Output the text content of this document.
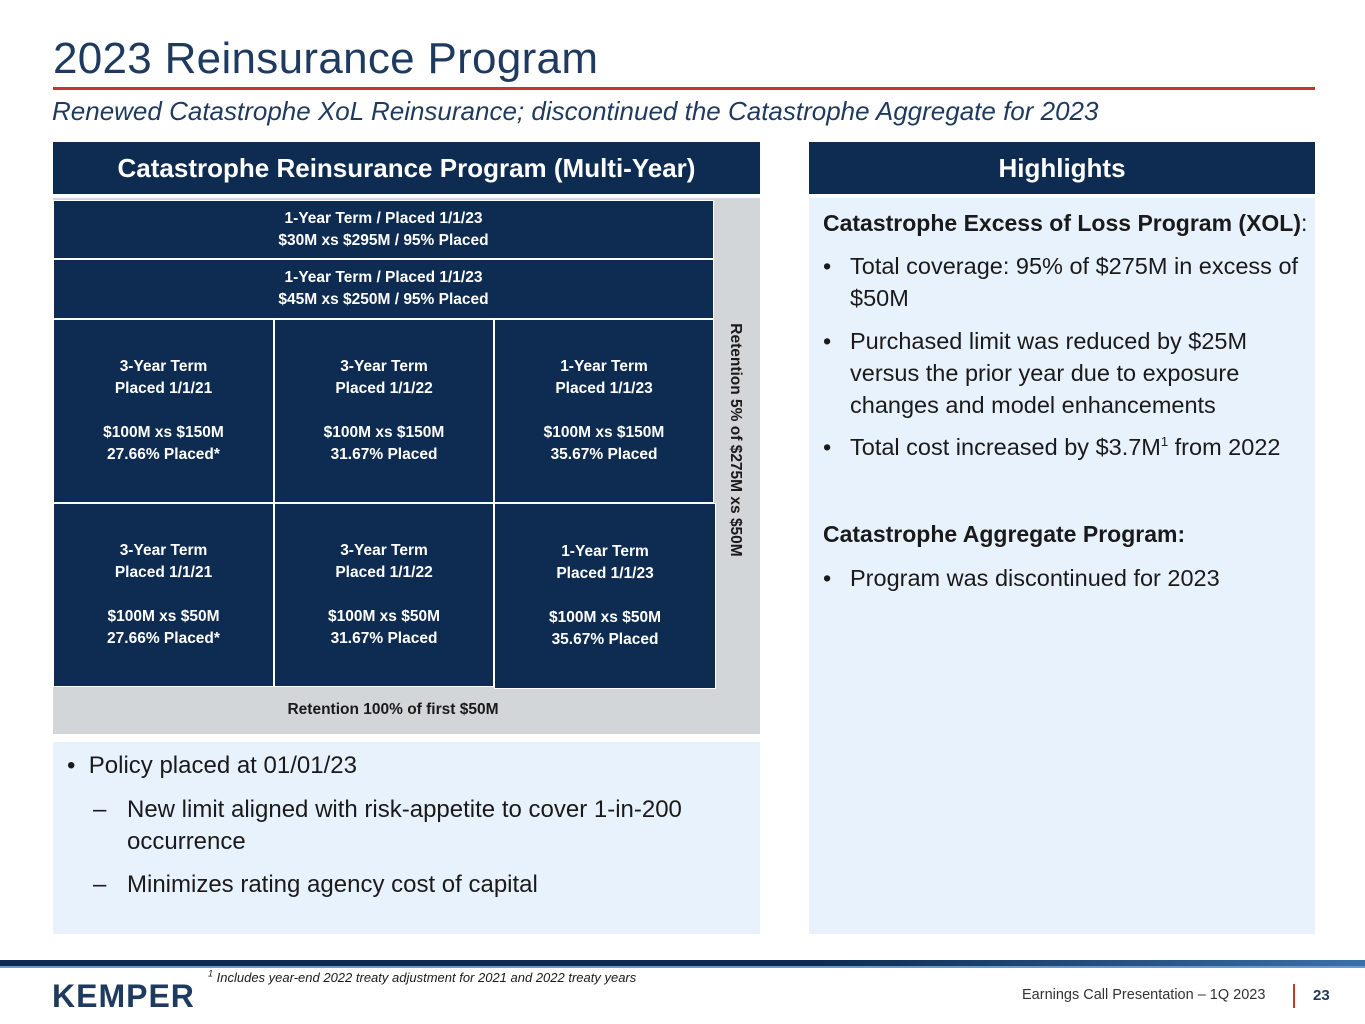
2023 Reinsurance Program
Renewed Catastrophe XoL Reinsurance; discontinued the Catastrophe Aggregate for 2023
Catastrophe Reinsurance Program (Multi-Year)
1-Year Term / Placed 1/1/23
$30M xs $295M / 95% Placed
1-Year Term / Placed 1/1/23
$45M xs $250M / 95% Placed
3-Year Term
Placed 1/1/21
$100M xs $150M
27.66% Placed*
3-Year Term
Placed 1/1/22
$100M xs $150M
31.67% Placed
1-Year Term
Placed 1/1/23
$100M xs $150M
35.67% Placed
3-Year Term
Placed 1/1/21
$100M xs $50M
27.66% Placed*
3-Year Term
Placed 1/1/22
$100M xs $50M
31.67% Placed
1-Year Term
Placed 1/1/23
$100M xs $50M
35.67% Placed
Retention 5% of $275M xs $50M
Retention 100% of first $50M
• Policy placed at 01/01/23
– New limit aligned with risk-appetite to cover 1-in-200 occurrence
– Minimizes rating agency cost of capital
Highlights
Catastrophe Excess of Loss Program (XOL):
• Total coverage: 95% of $275M in excess of $50M
• Purchased limit was reduced by $25M versus the prior year due to exposure changes and model enhancements
• Total cost increased by $\$3.7M^1$ from 2022
Catastrophe Aggregate Program:
• Program was discontinued for 2023
KEMPER
$^1$ Includes year-end 2022 treaty adjustment for 2021 and 2022 treaty years
Earnings Call Presentation – 1Q 2023	23
